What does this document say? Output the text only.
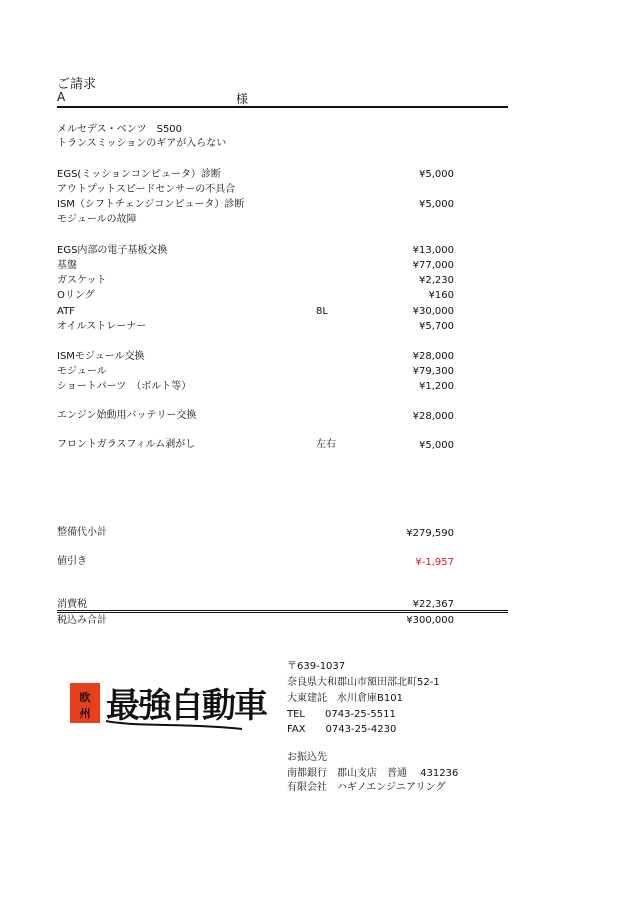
ご請求
A	様
メルセデス・ベンツ　S500
トランスミッションのギアが入らない
EGS(ミッションコンピュータ）診断	¥5,000
アウトプットスピードセンサーの不具合
ISM（シフトチェンジコンピュータ）診断	¥5,000
モジュールの故障
EGS内部の電子基板交換	¥13,000
基盤	¥77,000
ガスケット	¥2,230
Oリング	¥160
ATF	8L	¥30,000
オイルストレーナー	¥5,700
ISMモジュール交換	¥28,000
モジュール	¥79,300
ショートパーツ　（ボルト等）	¥1,200
エンジン始動用バッテリー交換	¥28,000
フロントガラスフィルム剥がし	左右	¥5,000
整備代小計	¥279,590
値引き	¥-1,957
消費税	¥22,367
税込み合計	¥300,000
欧
州 最強自動車
〒639-1037
奈良県大和郡山市額田部北町52-1
大東建託　水川倉庫B101
TEL　　0743-25-5511
FAX　　0743-25-4230
お振込先
南都銀行　郡山支店　普通　 431236
有限会社　ハギノエンジニアリング
